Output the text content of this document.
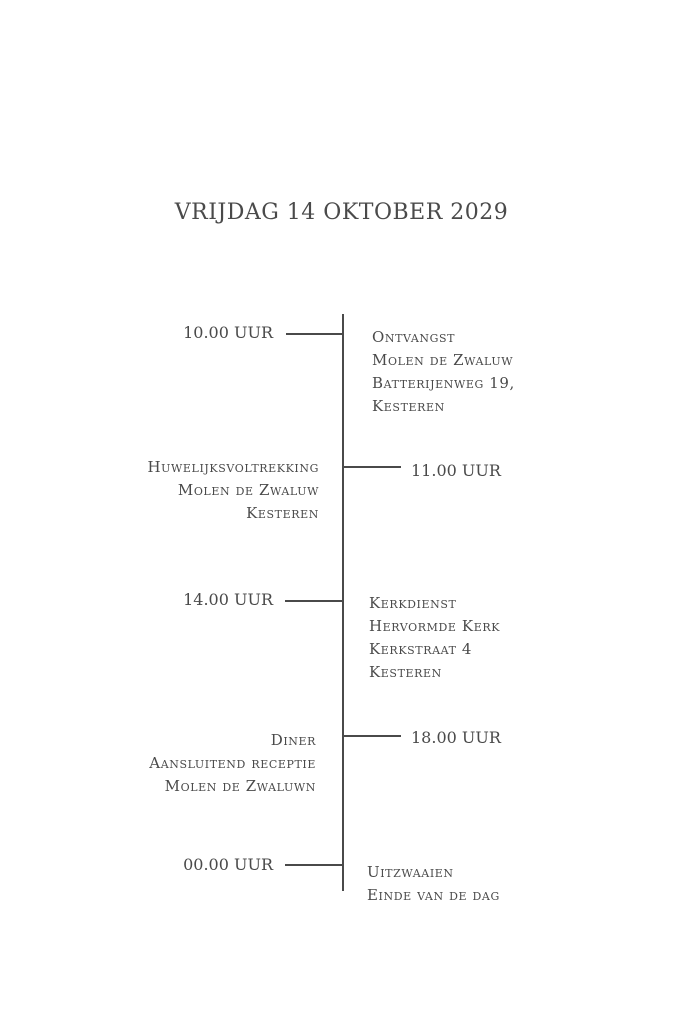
VRIJDAG 14 OKTOBER 2029
10.00 UUR	Ontvangst
Molen de Zwaluw
Batterijenweg 19,
Kesteren
11.00 UUR
Huwelijksvoltrekking
Molen de Zwaluw
Kesteren
14.00 UUR	Kerkdienst
Hervormde Kerk
Kerkstraat 4
Kesteren
18.00 UUR
Diner
Aansluitend receptie
Molen de Zwaluwn
00.00 UUR	Uitzwaaien
Einde van de dag
